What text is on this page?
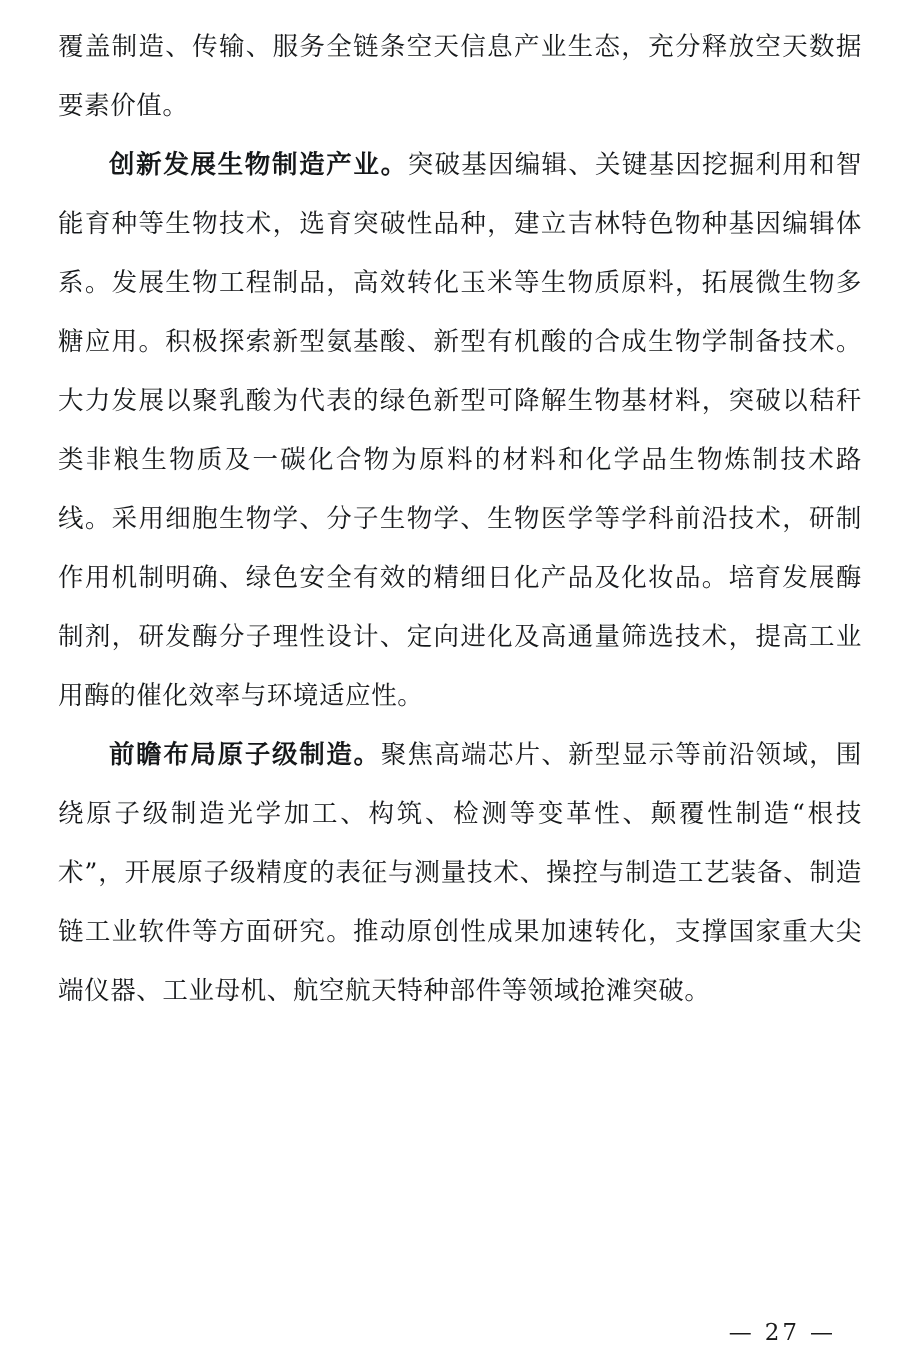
覆盖制造、传输、服务全链条空天信息产业生态，充分释放空天数据要素价值。

创新发展生物制造产业。突破基因编辑、关键基因挖掘利用和智能育种等生物技术，选育突破性品种，建立吉林特色物种基因编辑体系。发展生物工程制品，高效转化玉米等生物质原料，拓展微生物多糖应用。积极探索新型氨基酸、新型有机酸的合成生物学制备技术。大力发展以聚乳酸为代表的绿色新型可降解生物基材料，突破以秸秆类非粮生物质及一碳化合物为原料的材料和化学品生物炼制技术路线。采用细胞生物学、分子生物学、生物医学等学科前沿技术，研制作用机制明确、绿色安全有效的精细日化产品及化妆品。培育发展酶制剂，研发酶分子理性设计、定向进化及高通量筛选技术，提高工业用酶的催化效率与环境适应性。

前瞻布局原子级制造。聚焦高端芯片、新型显示等前沿领域，围绕原子级制造光学加工、构筑、检测等变革性、颠覆性制造“根技术”，开展原子级精度的表征与测量技术、操控与制造工艺装备、制造链工业软件等方面研究。推动原创性成果加速转化，支撑国家重大尖端仪器、工业母机、航空航天特种部件等领域抢滩突破。

— 27 —
